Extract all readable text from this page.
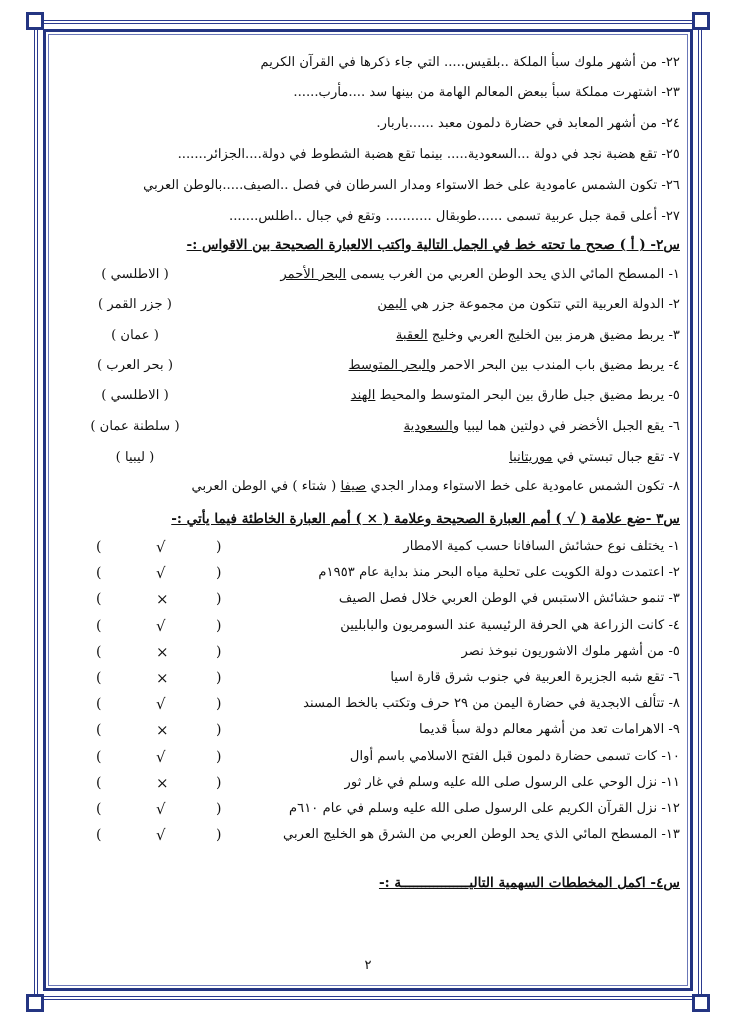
٢٢- من أشهر ملوك سبأ الملكة ..بلقيس..... التي جاء ذكرها في القرآن الكريم
٢٣- اشتهرت مملكة سبأ ببعض المعالم الهامة من بينها سد ....مأرب......
٢٤- من أشهر المعابد في حضارة دلمون معبد ......باربار.
٢٥- تقع هضبة نجد في دولة ...السعودية..... بينما تقع هضبة الشطوط في دولة....الجزائر.......
٢٦- تكون الشمس عامودية على خط الاستواء ومدار السرطان في فصل ..الصيف.....بالوطن العربي
٢٧- أعلى قمة جبل عربية تسمى ......طوبقال ........... وتقع في جبال ..اطلس.......
س٢- ( أ ) صحح ما تحته خط في الجمل التالية واكتب الالعبارة الصحيحة بين الاقواس :-
١- المسطح المائي الذي يحد الوطن العربي من الغرب يسمى البحر الأحمر
( الاطلسي )
٢- الدولة العربية التي تتكون من مجموعة جزر هي اليمن
( جزر القمر )
٣- يربط مضيق هرمز بين الخليج العربي وخليج العقبة
( عمان )
٤- يربط مضيق باب المندب بين البحر الاحمر والبحر المتوسط
( بحر العرب )
٥- يربط مضيق جبل طارق بين البحر المتوسط والمحيط الهند
( الاطلسي )
٦- يقع الجبل الأخضر في دولتين هما ليبيا والسعودية
( سلطنة عمان )
٧- تقع جبال تبستي في موريتانيا
( ليبيا )
٨- تكون الشمس عامودية على خط الاستواء ومدار الجدي صيفا ( شتاء ) في الوطن العربي
س٣ -ضع علامة ( √ ) أمم العبارة الصحيحة وعلامة ( × ) أمم العبارة الخاطئة فيما يأتي :-
١- يختلف نوع حشائش السافانا حسب كمية الامطار
(	√	)
٢- اعتمدت دولة الكويت على تحلية مياه البحر منذ بداية عام ١٩٥٣م
(	√	)
٣- تنمو حشائش الاستبس في الوطن العربي خلال فصل الصيف
(	×	)
٤- كانت الزراعة هي الحرفة الرئيسية عند السومريون والبابليين
(	√	)
٥- من أشهر ملوك الاشوريون نبوخذ نصر
(	×	)
٦- تقع شبه الجزيرة العربية في جنوب شرق قارة اسيا
(	×	)
٨- تتألف الابجدية في حضارة اليمن من ٢٩ حرف وتكتب بالخط المسند
(	√	)
٩- الاهرامات تعد من أشهر معالم دولة سبأ قديما
(	×	)
١٠- كات تسمى حضارة دلمون قبل الفتح الاسلامي باسم أوال
(	√	)
١١- نزل الوحي على الرسول صلى الله عليه وسلم في غار ثور
(	×	)
١٢- نزل القرآن الكريم على الرسول صلى الله عليه وسلم في عام ٦١٠م
(	√	)
١٣- المسطح المائي الذي يحد الوطن العربي من الشرق هو الخليج العربي
(	√	)
س٤- اكمل المخططات السهمية التاليـــــــــــــــــة :-
٢
